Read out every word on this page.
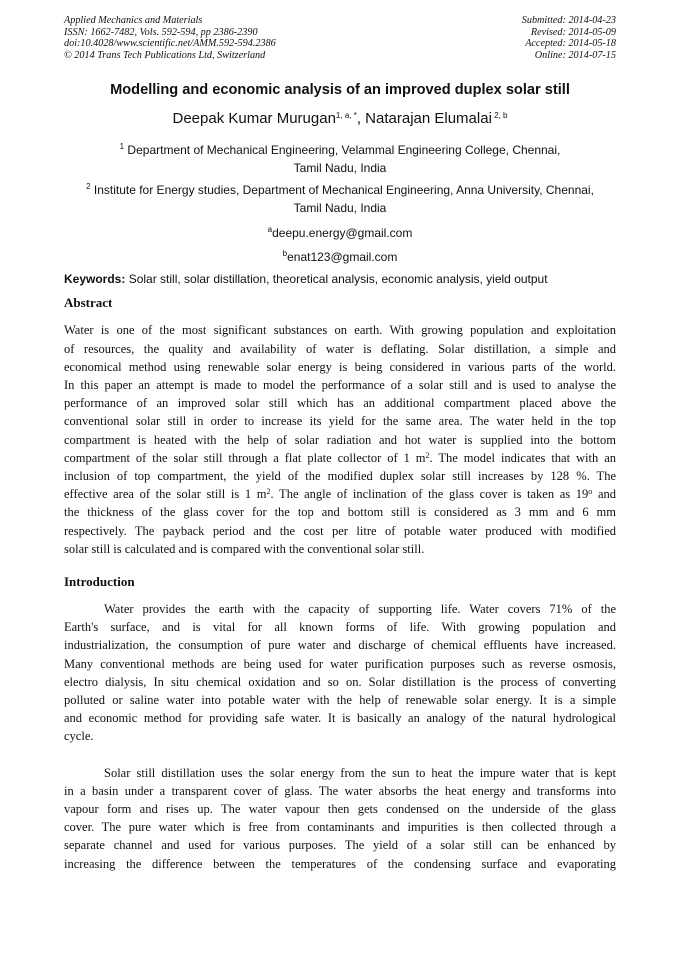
Applied Mechanics and Materials
ISSN: 1662-7482, Vols. 592-594, pp 2386-2390
doi:10.4028/www.scientific.net/AMM.592-594.2386
© 2014 Trans Tech Publications Ltd, Switzerland
Submitted: 2014-04-23
Revised: 2014-05-09
Accepted: 2014-05-18
Online: 2014-07-15
Modelling and economic analysis of an improved duplex solar still
Deepak Kumar Murugan$^{1, a, *}$, Natarajan Elumalai $^{2, b}$
$^1$ Department of Mechanical Engineering, Velammal Engineering College, Chennai,
Tamil Nadu, India
$^2$ Institute for Energy studies, Department of Mechanical Engineering, Anna University, Chennai,
Tamil Nadu, India
$^a$deepu.energy@gmail.com
$^b$enat123@gmail.com
Keywords: Solar still, solar distillation, theoretical analysis, economic analysis, yield output
Abstract
Water is one of the most significant substances on earth. With growing population and exploitation
of resources, the quality and availability of water is deflating. Solar distillation, a simple and
economical method using renewable solar energy is being considered in various parts of the world.
In this paper an attempt is made to model the performance of a solar still and is used to analyse the
performance of an improved solar still which has an additional compartment placed above the
conventional solar still in order to increase its yield for the same area. The water held in the top
compartment is heated with the help of solar radiation and hot water is supplied into the bottom
compartment of the solar still through a flat plate collector of 1 $m^2$. The model indicates that with an
inclusion of top compartment, the yield of the modified duplex solar still increases by 128 %. The
effective area of the solar still is 1 $m^2$. The angle of inclination of the glass cover is taken as 19$^o$ and
the thickness of the glass cover for the top and bottom still is considered as 3 mm and 6 mm
respectively. The payback period and the cost per litre of potable water produced with modified
solar still is calculated and is compared with the conventional solar still.
Introduction
Water provides the earth with the capacity of supporting life. Water covers 71% of the
Earth's surface, and is vital for all known forms of life. With growing population and
industrialization, the consumption of pure water and discharge of chemical effluents have increased.
Many conventional methods are being used for water purification purposes such as reverse osmosis,
electro dialysis, In situ chemical oxidation and so on. Solar distillation is the process of converting
polluted or saline water into potable water with the help of renewable solar energy. It is a simple
and economic method for providing safe water. It is basically an analogy of the natural hydrological
cycle.
Solar still distillation uses the solar energy from the sun to heat the impure water that is kept
in a basin under a transparent cover of glass. The water absorbs the heat energy and transforms into
vapour form and rises up. The water vapour then gets condensed on the underside of the glass
cover. The pure water which is free from contaminants and impurities is then collected through a
separate channel and used for various purposes. The yield of a solar still can be enhanced by
increasing the difference between the temperatures of the condensing surface and evaporating
